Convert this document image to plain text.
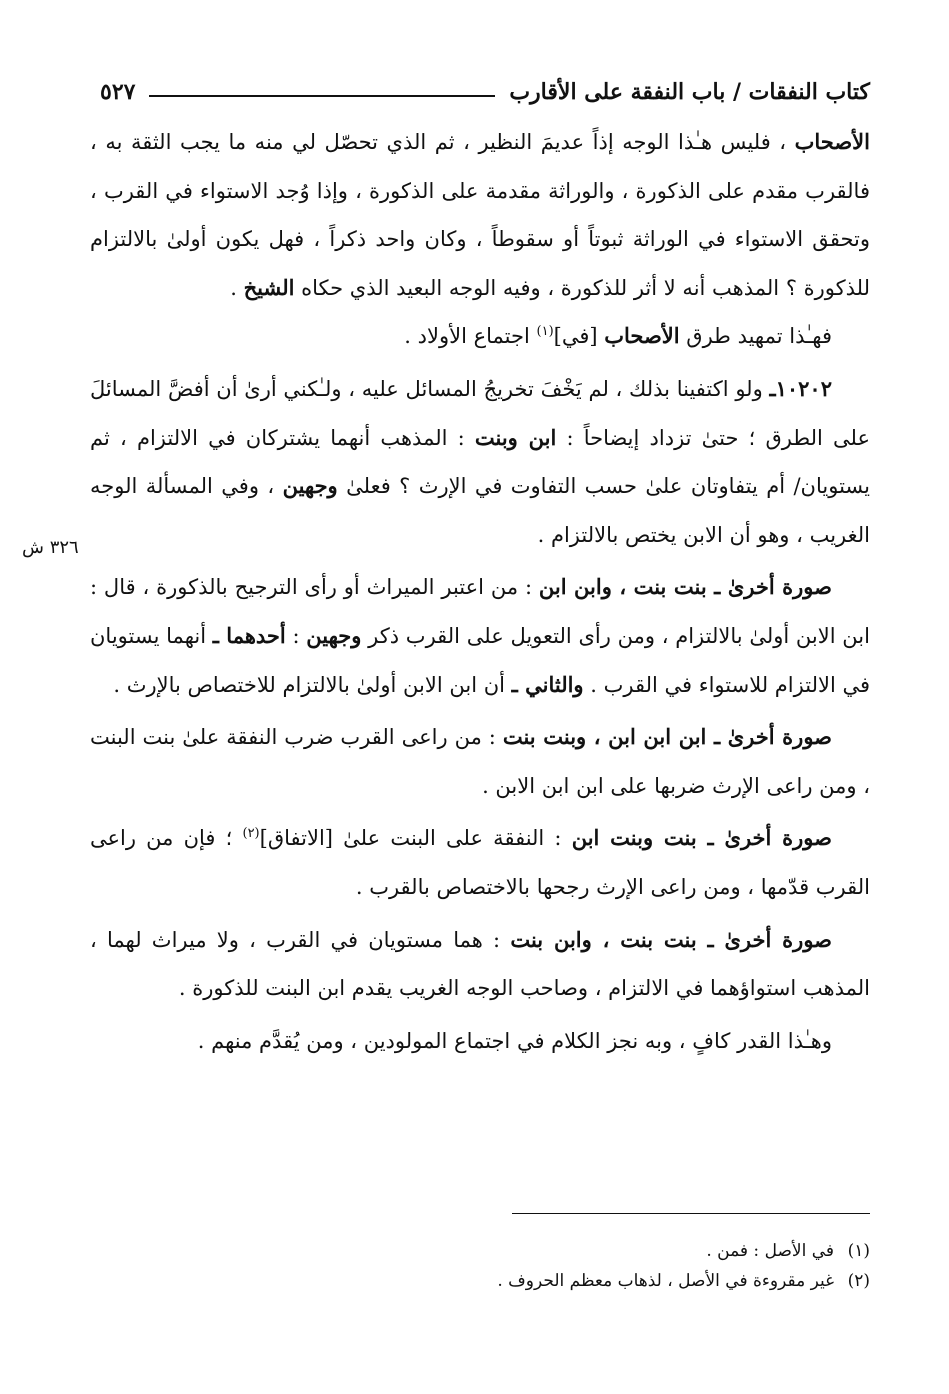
كتاب النفقات / باب النفقة على الأقارب
٥٢٧
٣٢٦ ش

الأصحاب ، فليس هـٰذا الوجه إذاً عديمَ النظير ، ثم الذي تحصّل لي منه ما يجب الثقة به ، فالقرب مقدم على الذكورة ، والوراثة مقدمة على الذكورة ، وإذا وُجد الاستواء في القرب ، وتحقق الاستواء في الوراثة ثبوتاً أو سقوطاً ، وكان واحد ذكراً ، فهل يكون أولىٰ بالالتزام للذكورة ؟ المذهب أنه لا أثر للذكورة ، وفيه الوجه البعيد الذي حكاه الشيخ .

فهـٰذا تمهيد طرق الأصحاب [في]$^{(١)}$ اجتماع الأولاد .

١٠٢٠٢ـ ولو اكتفينا بذلك ، لم يَخْفَ تخريجُ المسائل عليه ، ولـٰكني أرىٰ أن أفضَّ المسائلَ على الطرق ؛ حتىٰ تزداد إيضاحاً : ابن وبنت : المذهب أنهما يشتركان في الالتزام ، ثم يستويان/ أم يتفاوتان علىٰ حسب التفاوت في الإرث ؟ فعلىٰ وجهين ، وفي المسألة الوجه الغريب ، وهو أن الابن يختص بالالتزام .

صورة أخرىٰ ـ بنت بنت ، وابن ابن : من اعتبر الميراث أو رأى الترجيح بالذكورة ، قال : ابن الابن أولىٰ بالالتزام ، ومن رأى التعويل على القرب ذكر وجهين : أحدهما ـ أنهما يستويان في الالتزام للاستواء في القرب . والثاني ـ أن ابن الابن أولىٰ بالالتزام للاختصاص بالإرث .

صورة أخرىٰ ـ ابن ابن ابن ، وبنت بنت : من راعى القرب ضرب النفقة علىٰ بنت البنت ، ومن راعى الإرث ضربها على ابن ابن الابن .

صورة أخرىٰ ـ بنت وبنت ابن : النفقة على البنت علىٰ [الاتفاق]$^{(٢)}$ ؛ فإن من راعى القرب قدّمها ، ومن راعى الإرث رجحها بالاختصاص بالقرب .

صورة أخرىٰ ـ بنت بنت ، وابن بنت : هما مستويان في القرب ، ولا ميراث لهما ، المذهب استواؤهما في الالتزام ، وصاحب الوجه الغريب يقدم ابن البنت للذكورة .

وهـٰذا القدر كافٍ ، وبه نجز الكلام في اجتماع المولودين ، ومن يُقدَّم منهم .

(١)
في الأصل : فمن .
(٢)
غير مقروءة في الأصل ، لذهاب معظم الحروف .
